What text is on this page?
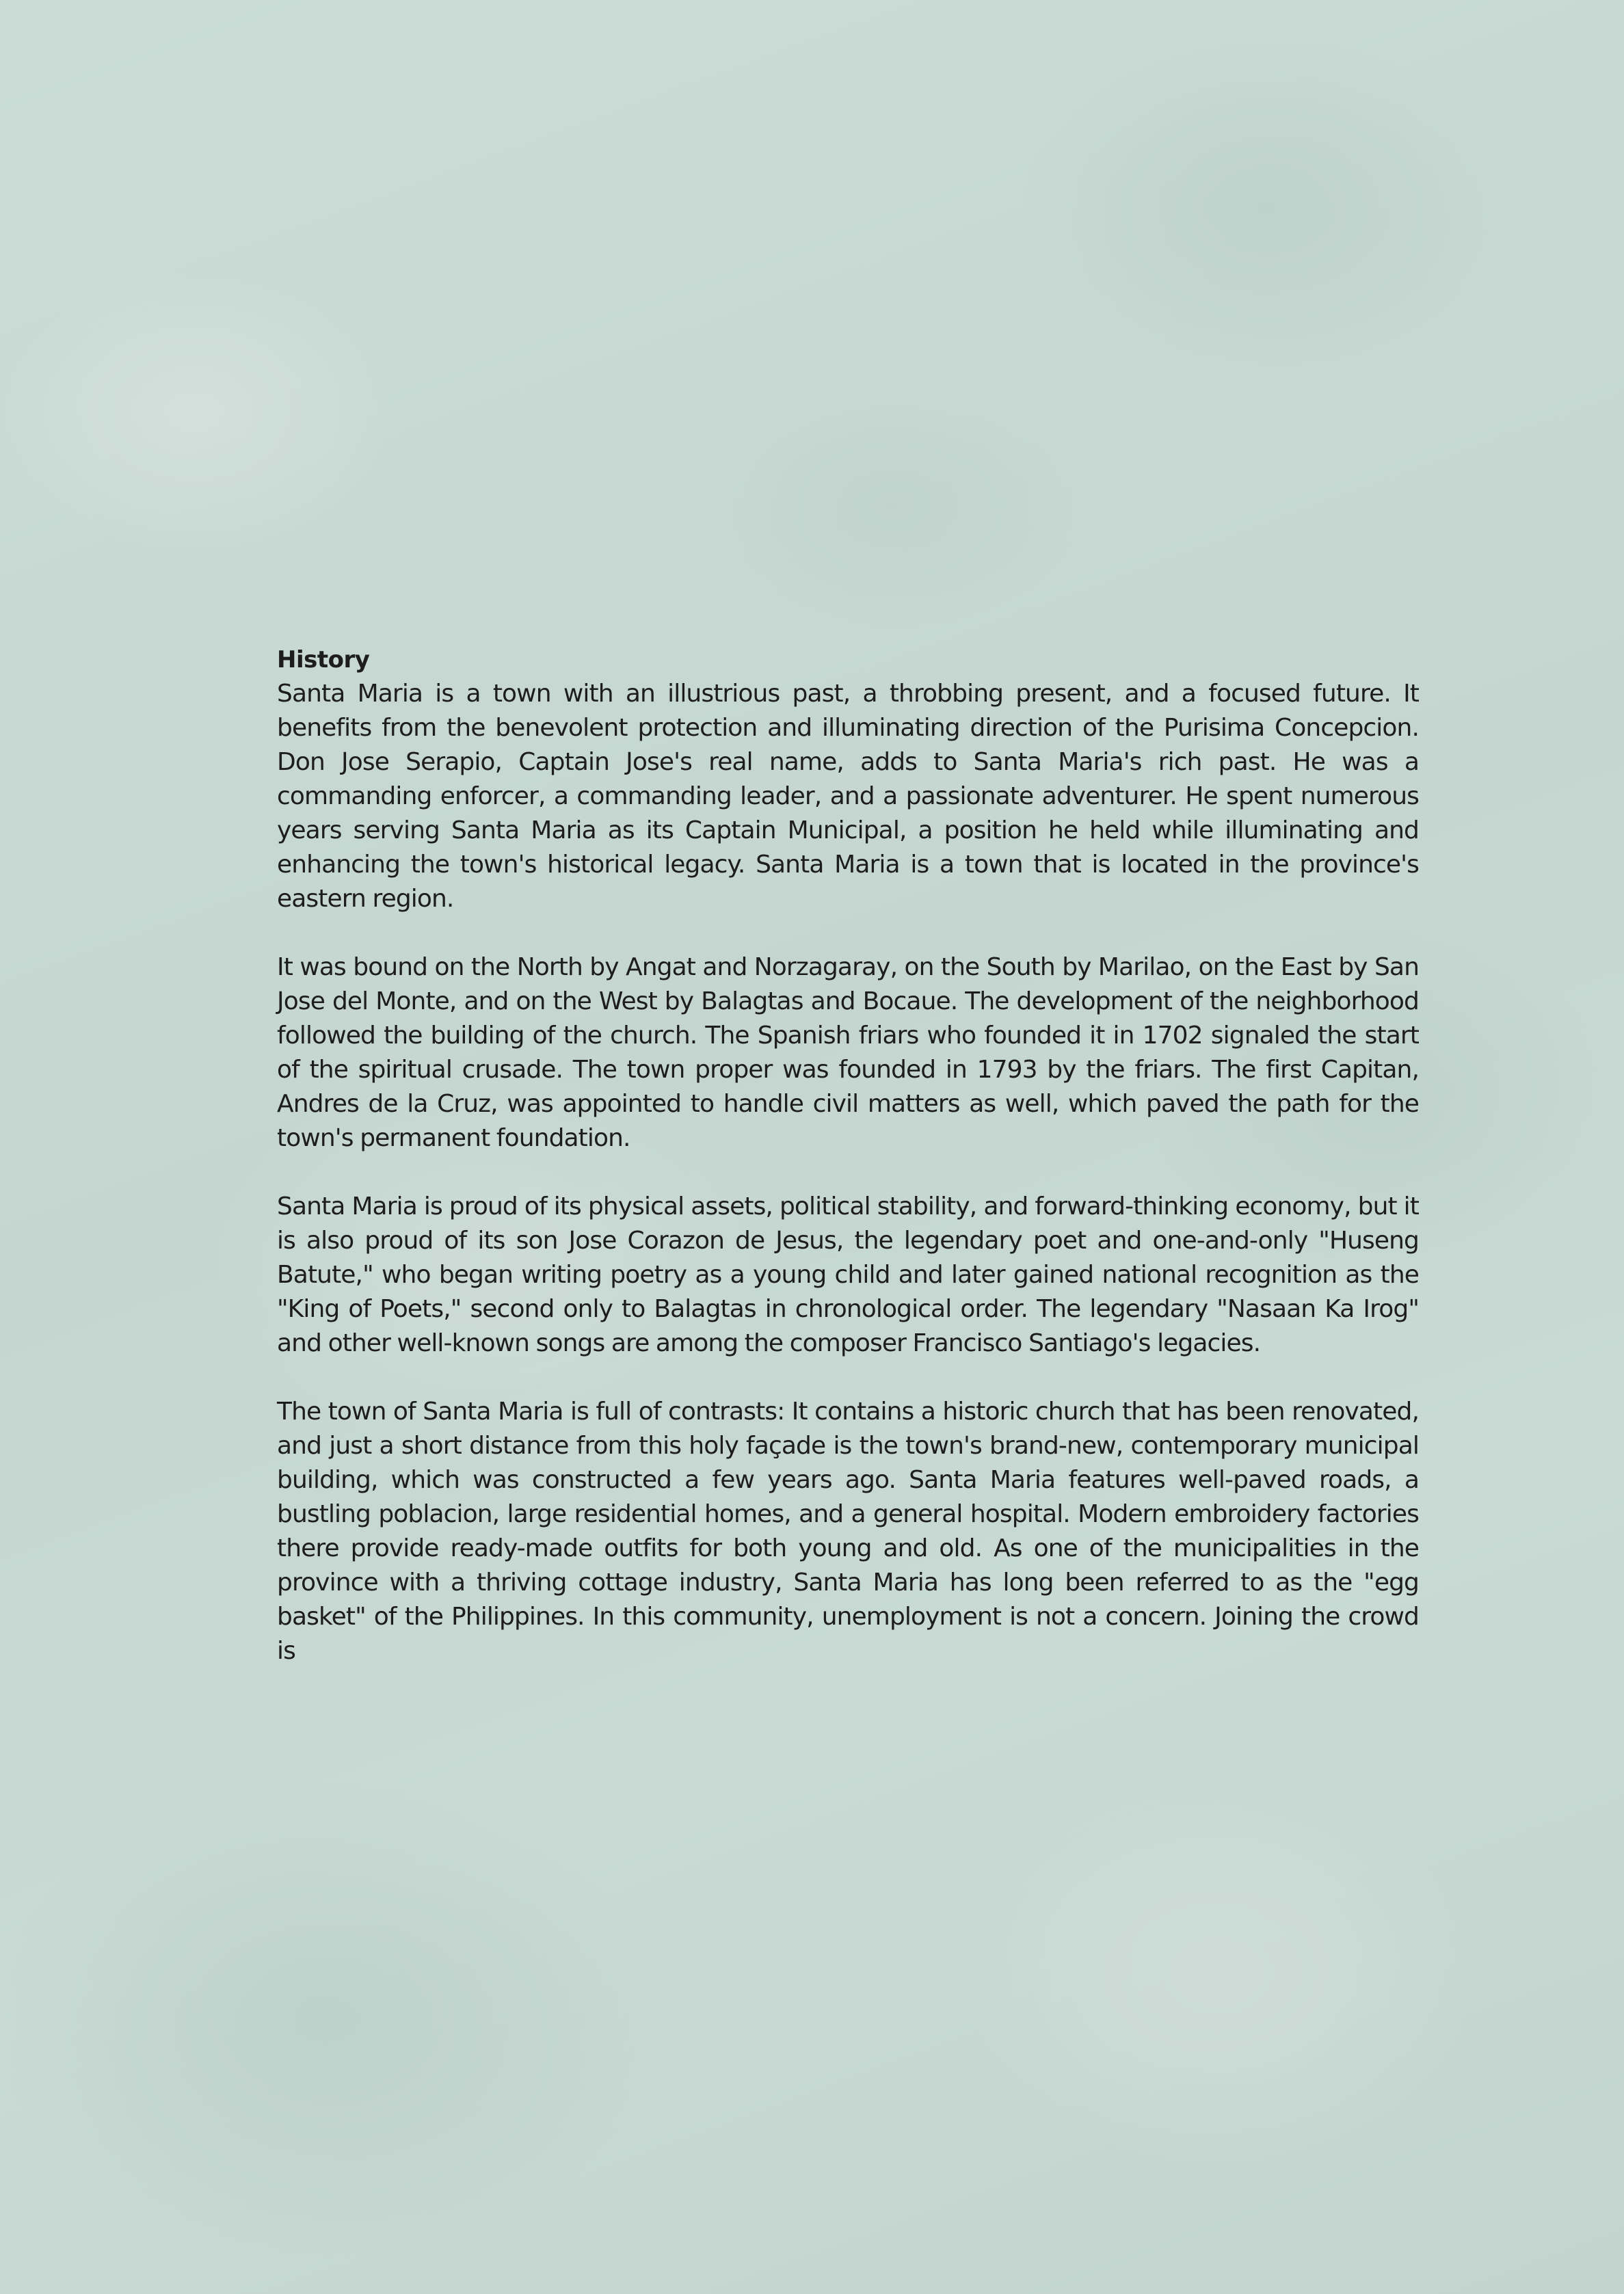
History

Santa Maria is a town with an illustrious past, a throbbing present, and a focused future. It benefits from the benevolent protection and illuminating direction of the Purisima Concepcion. Don Jose Serapio, Captain Jose's real name, adds to Santa Maria's rich past. He was a commanding enforcer, a commanding leader, and a passionate adventurer. He spent numerous years serving Santa Maria as its Captain Municipal, a position he held while illuminating and enhancing the town's historical legacy. Santa Maria is a town that is located in the province's eastern region.

It was bound on the North by Angat and Norzagaray, on the South by Marilao, on the East by San Jose del Monte, and on the West by Balagtas and Bocaue. The development of the neighborhood followed the building of the church. The Spanish friars who founded it in 1702 signaled the start of the spiritual crusade. The town proper was founded in 1793 by the friars. The first Capitan, Andres de la Cruz, was appointed to handle civil matters as well, which paved the path for the town's permanent foundation.

Santa Maria is proud of its physical assets, political stability, and forward-thinking economy, but it is also proud of its son Jose Corazon de Jesus, the legendary poet and one-and-only "Huseng Batute," who began writing poetry as a young child and later gained national recognition as the "King of Poets," second only to Balagtas in chronological order. The legendary "Nasaan Ka Irog" and other well-known songs are among the composer Francisco Santiago's legacies.

The town of Santa Maria is full of contrasts: It contains a historic church that has been renovated, and just a short distance from this holy façade is the town's brand-new, contemporary municipal building, which was constructed a few years ago. Santa Maria features well-paved roads, a bustling poblacion, large residential homes, and a general hospital. Modern embroidery factories there provide ready-made outfits for both young and old. As one of the municipalities in the province with a thriving cottage industry, Santa Maria has long been referred to as the "egg basket" of the Philippines. In this community, unemployment is not a concern. Joining the crowd is
